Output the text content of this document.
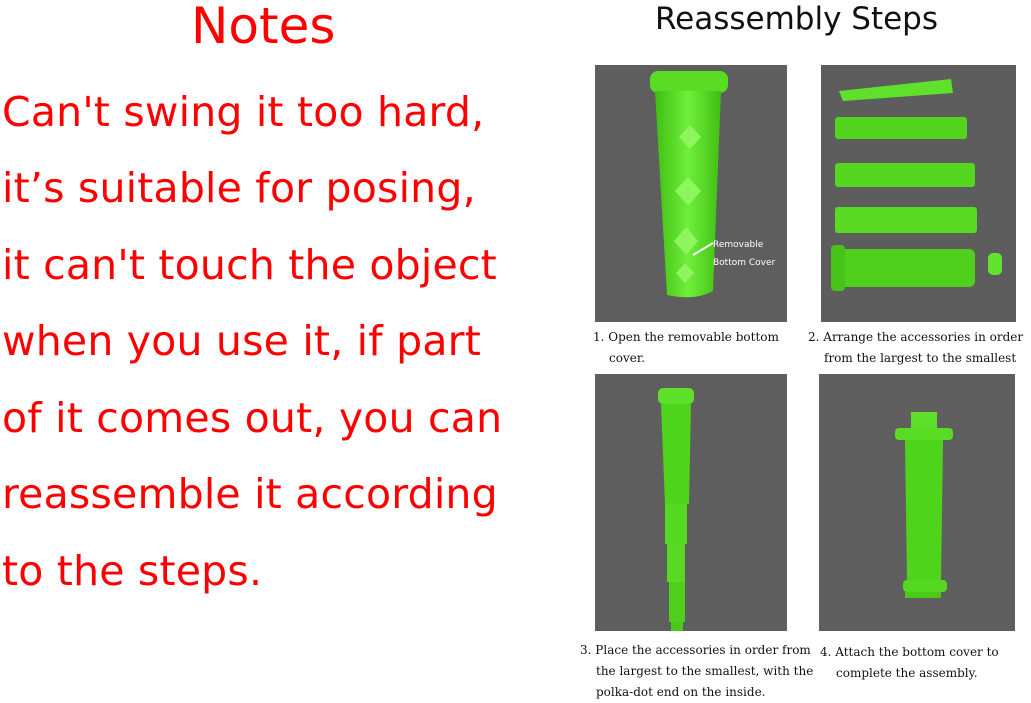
Notes
Can't swing it too hard,
it’s suitable for posing,
it can't touch the object
when you use it, if part
of it comes out, you can
reassemble it according
to the steps.
Reassembly Steps
Removable
Bottom Cover
1. Open the removable bottom
cover.
2. Arrange the accessories in order
from the largest to the smallest
3. Place the accessories in order from
the largest to the smallest, with the
polka-dot end on the inside.
4. Attach the bottom cover to
complete the assembly.
